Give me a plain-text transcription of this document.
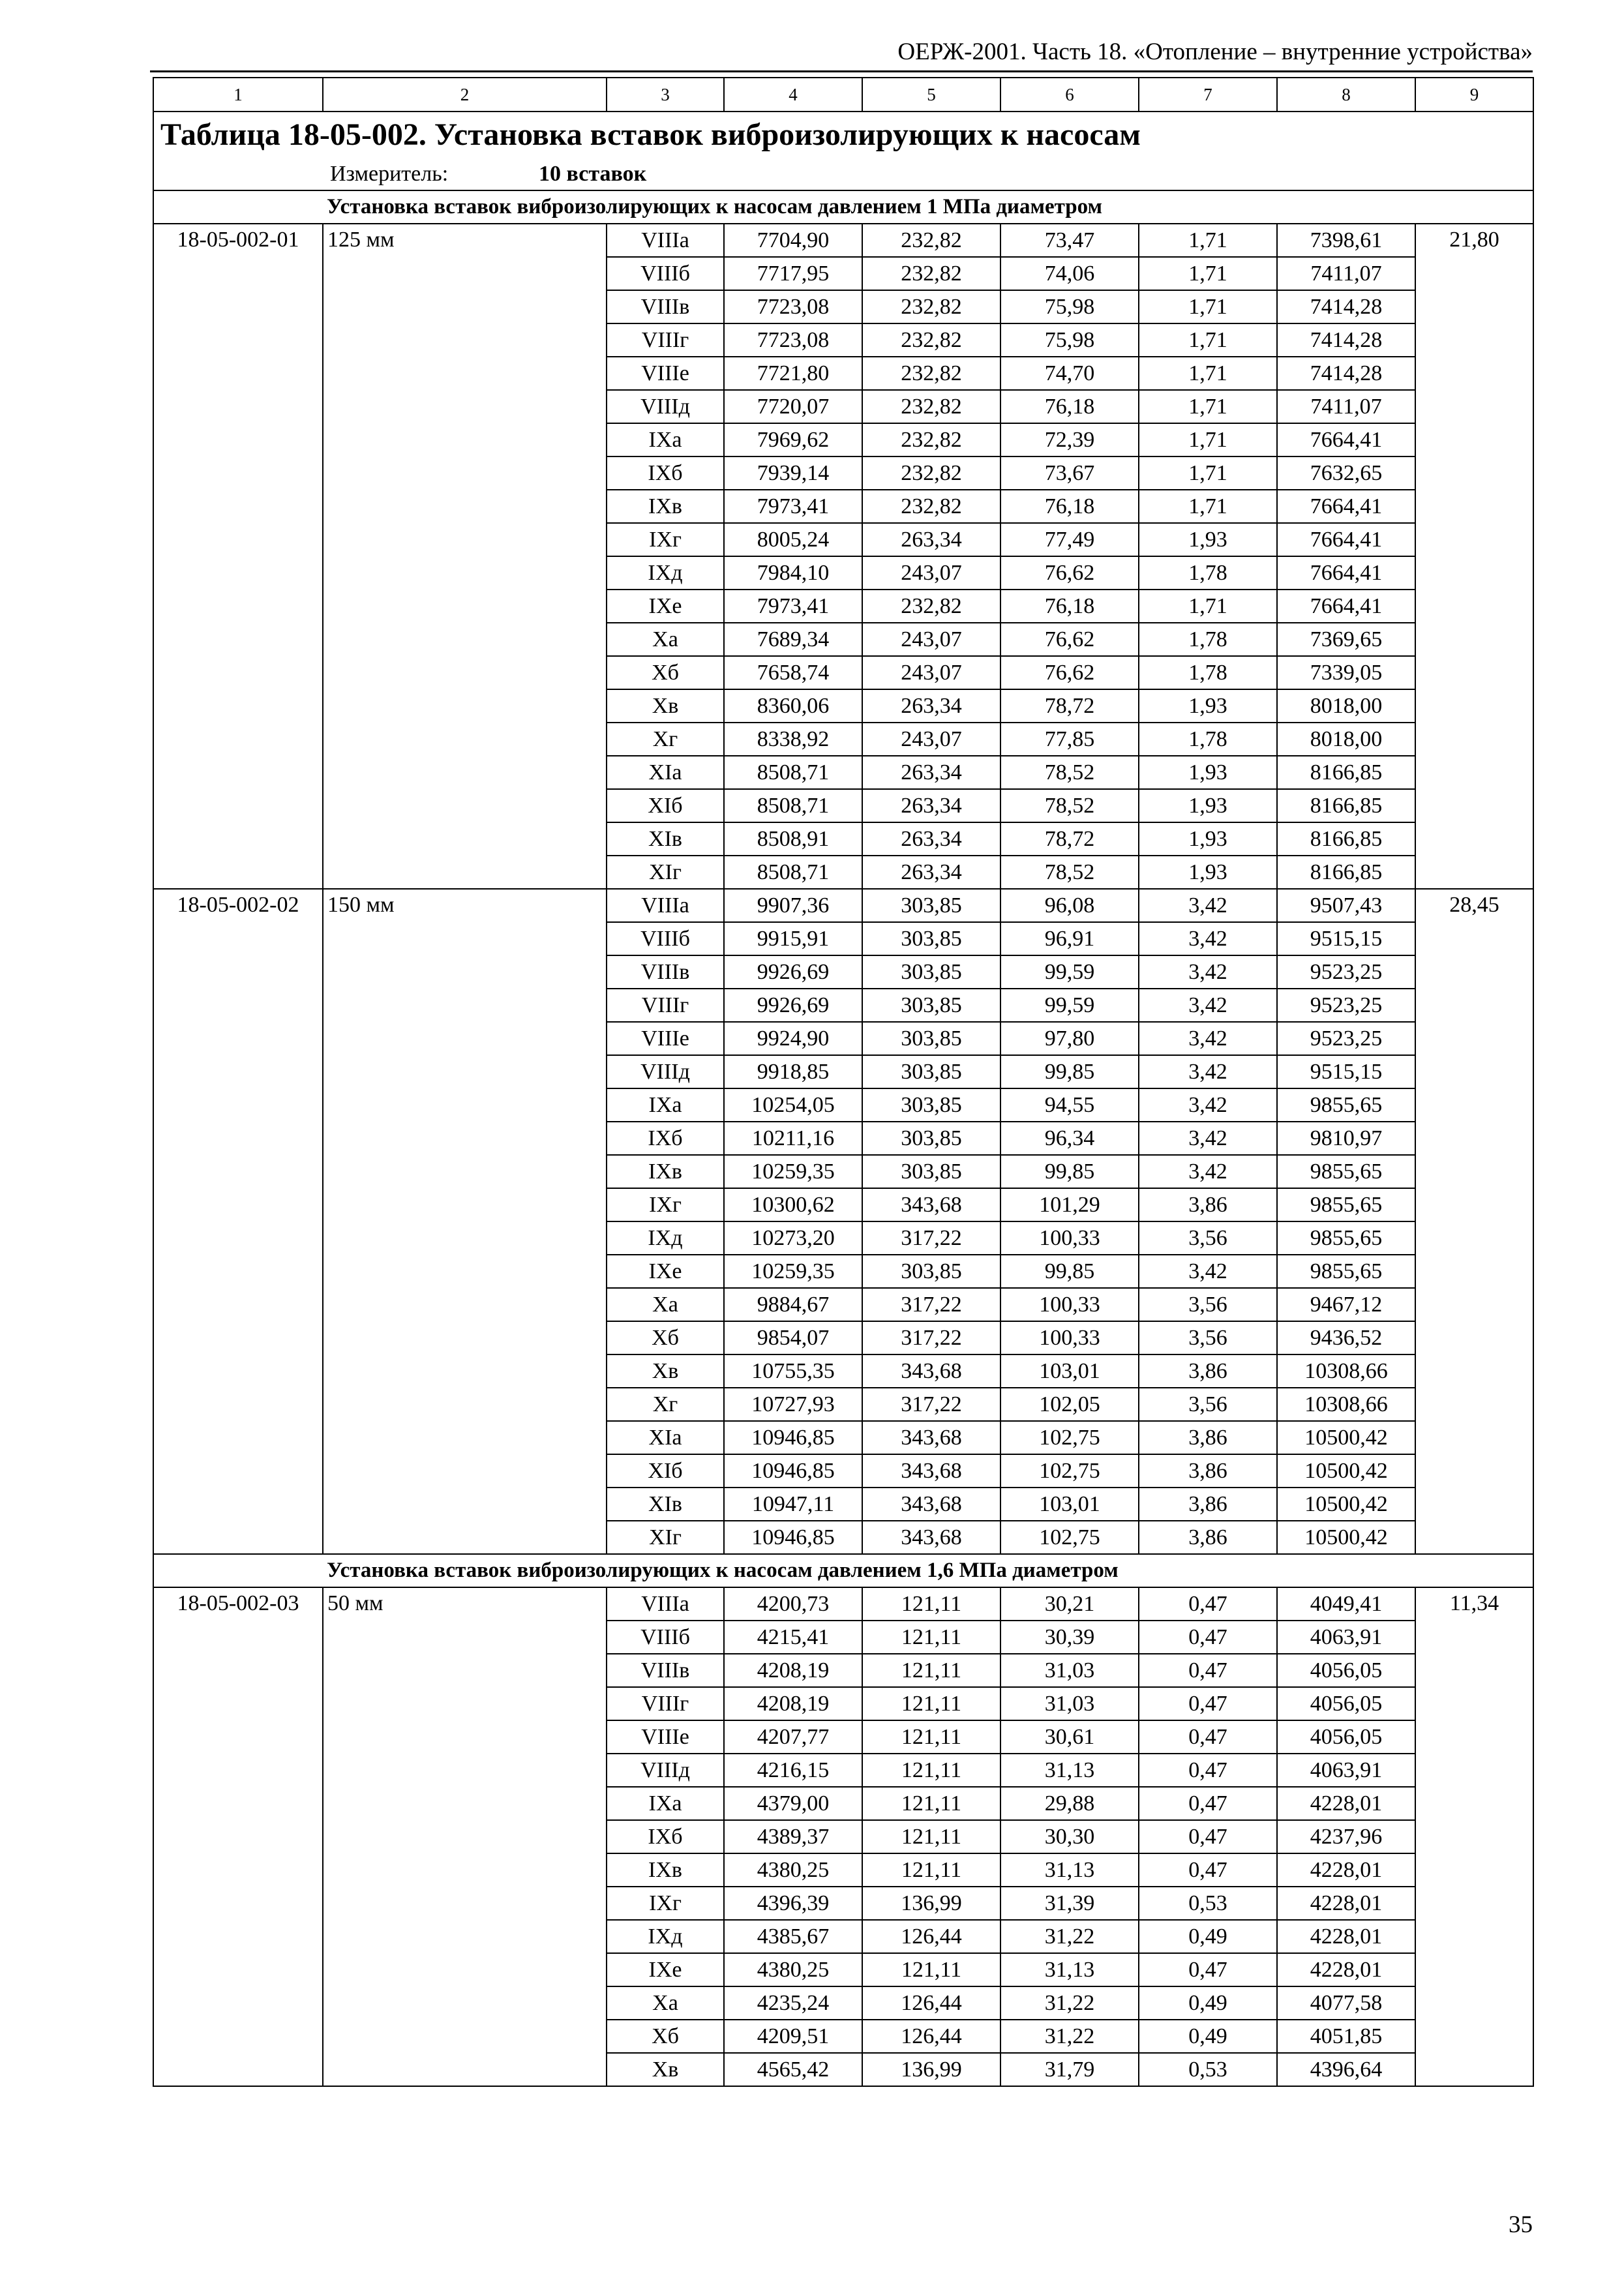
ОЕРЖ-2001. Часть 18. «Отопление – внутренние устройства»
1	2	3	4	5	6	7	8	9
Таблица 18-05-002. Установка вставок виброизолирующих к насосам								
Измеритель: 10 вставок								
	Установка вставок виброизолирующих к насосам давлением 1 МПа диаметром							
18-05-002-01	125 мм	VIIIа	7704,90	232,82	73,47	1,71	7398,61	21,80
		VIIIб	7717,95	232,82	74,06	1,71	7411,07	
		VIIIв	7723,08	232,82	75,98	1,71	7414,28	
		VIIIг	7723,08	232,82	75,98	1,71	7414,28	
		VIIIе	7721,80	232,82	74,70	1,71	7414,28	
		VIIIд	7720,07	232,82	76,18	1,71	7411,07	
		IXа	7969,62	232,82	72,39	1,71	7664,41	
		IXб	7939,14	232,82	73,67	1,71	7632,65	
		IXв	7973,41	232,82	76,18	1,71	7664,41	
		IXг	8005,24	263,34	77,49	1,93	7664,41	
		IXд	7984,10	243,07	76,62	1,78	7664,41	
		IXе	7973,41	232,82	76,18	1,71	7664,41	
		Xа	7689,34	243,07	76,62	1,78	7369,65	
		Xб	7658,74	243,07	76,62	1,78	7339,05	
		Xв	8360,06	263,34	78,72	1,93	8018,00	
		Xг	8338,92	243,07	77,85	1,78	8018,00	
		XIа	8508,71	263,34	78,52	1,93	8166,85	
		XIб	8508,71	263,34	78,52	1,93	8166,85	
		XIв	8508,91	263,34	78,72	1,93	8166,85	
		XIг	8508,71	263,34	78,52	1,93	8166,85	
18-05-002-02	150 мм	VIIIа	9907,36	303,85	96,08	3,42	9507,43	28,45
		VIIIб	9915,91	303,85	96,91	3,42	9515,15	
		VIIIв	9926,69	303,85	99,59	3,42	9523,25	
		VIIIг	9926,69	303,85	99,59	3,42	9523,25	
		VIIIе	9924,90	303,85	97,80	3,42	9523,25	
		VIIIд	9918,85	303,85	99,85	3,42	9515,15	
		IXа	10254,05	303,85	94,55	3,42	9855,65	
		IXб	10211,16	303,85	96,34	3,42	9810,97	
		IXв	10259,35	303,85	99,85	3,42	9855,65	
		IXг	10300,62	343,68	101,29	3,86	9855,65	
		IXд	10273,20	317,22	100,33	3,56	9855,65	
		IXе	10259,35	303,85	99,85	3,42	9855,65	
		Xа	9884,67	317,22	100,33	3,56	9467,12	
		Xб	9854,07	317,22	100,33	3,56	9436,52	
		Xв	10755,35	343,68	103,01	3,86	10308,66	
		Xг	10727,93	317,22	102,05	3,56	10308,66	
		XIа	10946,85	343,68	102,75	3,86	10500,42	
		XIб	10946,85	343,68	102,75	3,86	10500,42	
		XIв	10947,11	343,68	103,01	3,86	10500,42	
		XIг	10946,85	343,68	102,75	3,86	10500,42	
	Установка вставок виброизолирующих к насосам давлением 1,6 МПа диаметром							
18-05-002-03	50 мм	VIIIа	4200,73	121,11	30,21	0,47	4049,41	11,34
		VIIIб	4215,41	121,11	30,39	0,47	4063,91	
		VIIIв	4208,19	121,11	31,03	0,47	4056,05	
		VIIIг	4208,19	121,11	31,03	0,47	4056,05	
		VIIIе	4207,77	121,11	30,61	0,47	4056,05	
		VIIIд	4216,15	121,11	31,13	0,47	4063,91	
		IXа	4379,00	121,11	29,88	0,47	4228,01	
		IXб	4389,37	121,11	30,30	0,47	4237,96	
		IXв	4380,25	121,11	31,13	0,47	4228,01	
		IXг	4396,39	136,99	31,39	0,53	4228,01	
		IXд	4385,67	126,44	31,22	0,49	4228,01	
		IXе	4380,25	121,11	31,13	0,47	4228,01	
		Xа	4235,24	126,44	31,22	0,49	4077,58	
		Xб	4209,51	126,44	31,22	0,49	4051,85	
		Xв	4565,42	136,99	31,79	0,53	4396,64	
35
